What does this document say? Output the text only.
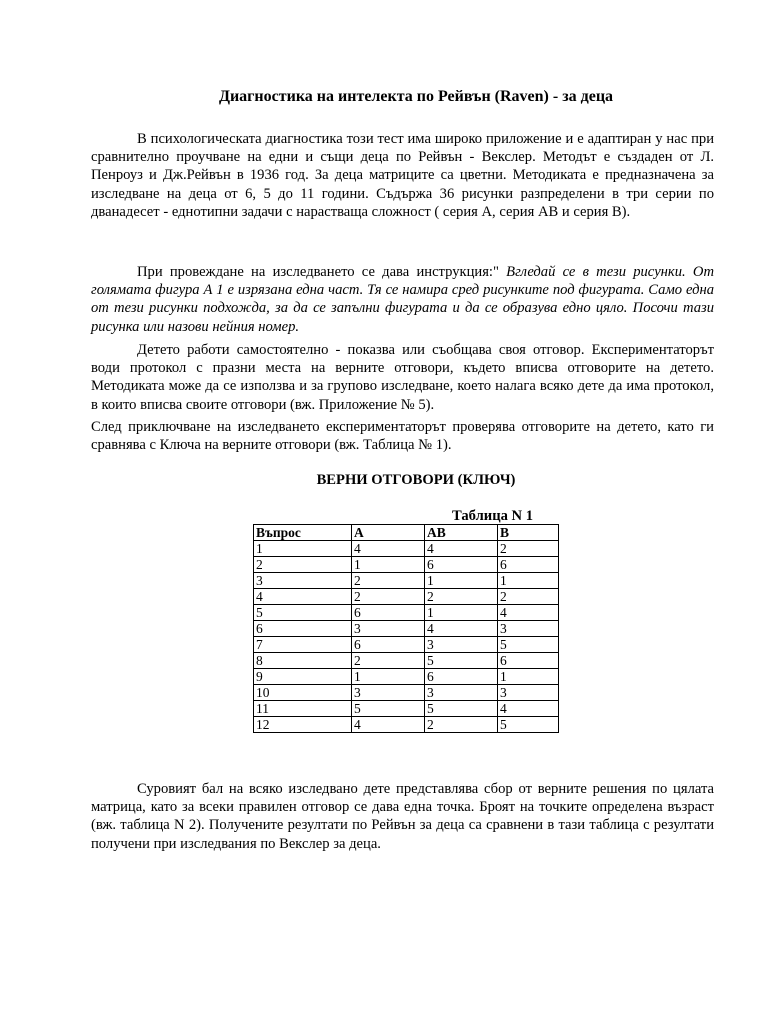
Диагностика на интелекта по Рейвън (Raven) - за деца

В психологическата диагностика този тест има широко приложение и е адаптиран у нас при сравнително проучване на едни и същи деца по Рейвън - Векслер. Методът е създаден от Л. Пенроуз и Дж.Рейвън в 1936 год. За деца матриците са цветни. Методиката е предназначена за изследване на деца от 6, 5 до 11 години. Съдържа 36 рисунки разпределени в три серии по дванадесет - еднотипни задачи с нарастваща сложност ( серия А, серия АВ и серия В).

При провеждане на изследването се дава инструкция:" Вгледай се в тези рисунки. От голямата фигура А 1 е изрязана една част. Тя се намира сред рисунките под фигурата. Само една от тези рисунки подхожда, за да се запълни фигурата и да се образува едно цяло. Посочи тази рисунка или назови нейния номер.

Детето работи самостоятелно - показва или съобщава своя отговор. Експериментаторът води протокол с празни места на верните отговори, където вписва отговорите на детето. Методиката може да се използва и за групово изследване, което налага всяко дете да има протокол, в които вписва своите отговори (вж. Приложение № 5).

След приключване на изследването експериментаторът проверява отговорите на детето, като ги сравнява с Ключа на верните отговори (вж. Таблица № 1).

ВЕРНИ ОТГОВОРИ (КЛЮЧ)
Таблица N 1
Въпрос	А	АВ	В
1	4	4	2
2	1	6	6
3	2	1	1
4	2	2	2
5	6	1	4
6	3	4	3
7	6	3	5
8	2	5	6
9	1	6	1
10	3	3	3
11	5	5	4
12	4	2	5

Суровият бал на всяко изследвано дете представлява сбор от верните решения по цялата матрица, като за всеки правилен отговор се дава една точка. Броят на точките определена възраст (вж. таблица N 2). Получените резултати по Рейвън за деца са сравнени в тази таблица с резултати получени при изследвания по Векслер за деца.
